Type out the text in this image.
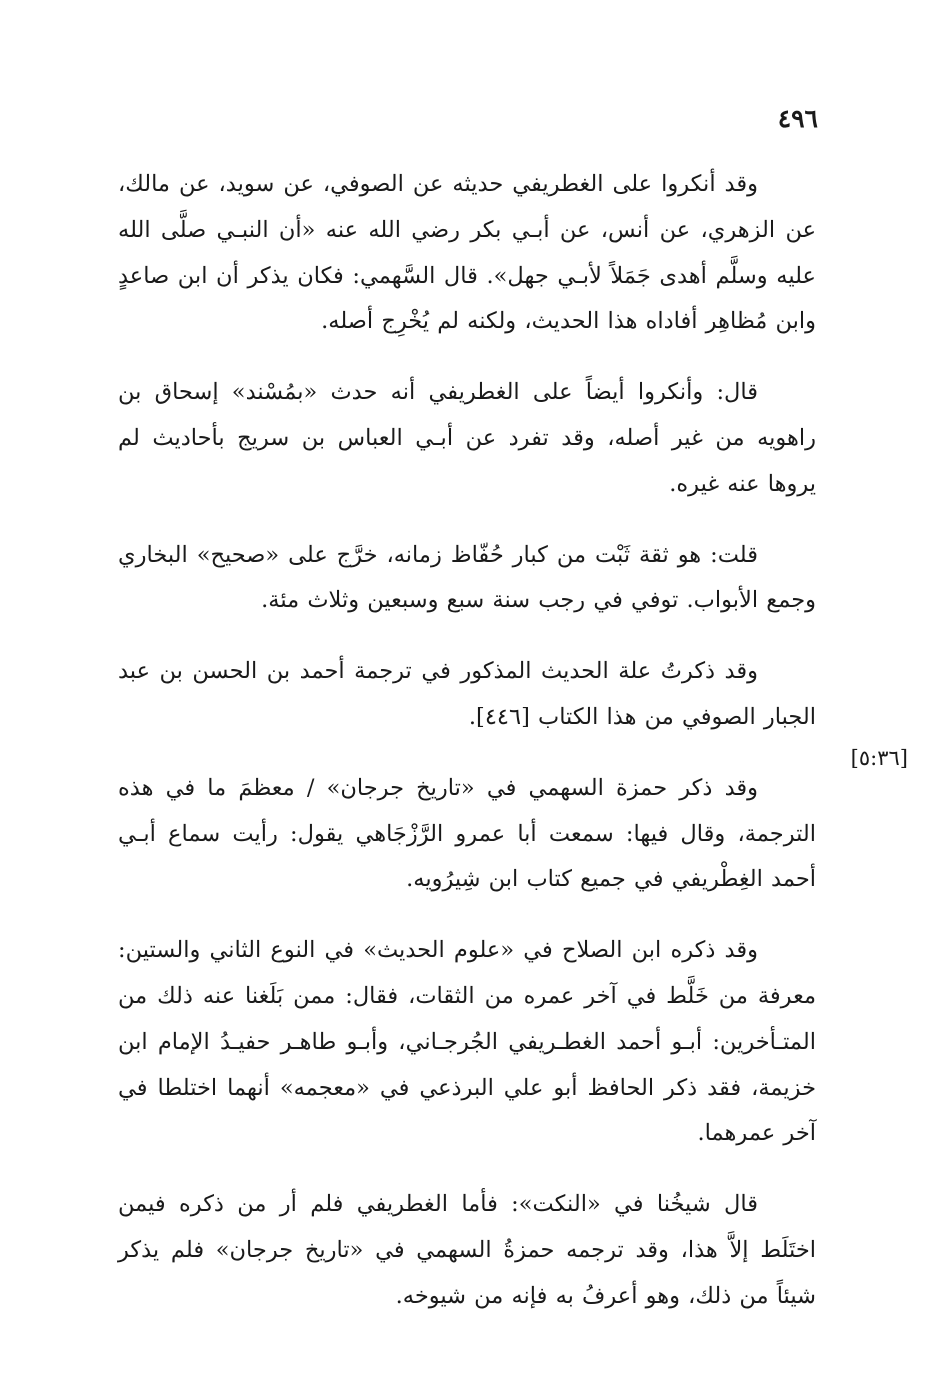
٤٩٦
[٥:٣٦]

وقد أنكروا على الغطريفي حديثه عن الصوفي، عن سويد، عن مالك، عن الزهري، عن أنس، عن أبـي بكر رضي الله عنه «أن النبـي صلَّى الله عليه وسلَّم أهدى جَمَلاً لأبـي جهل». قال السَّهمي: فكان يذكر أن ابن صاعدٍ وابن مُظاهِر أفاداه هذا الحديث، ولكنه لم يُخْرِج أصله.

قال: وأنكروا أيضاً على الغطريفي أنه حدث «بمُسْند» إسحاق بن راهويه من غير أصله، وقد تفرد عن أبـي العباس بن سريج بأحاديث لم يروها عنه غيره.

قلت: هو ثقة ثَبْت من كبار حُفّاظ زمانه، خرَّج على «صحيح» البخاري وجمع الأبواب. توفي في رجب سنة سبع وسبعين وثلاث مئة.

وقد ذكرتُ علة الحديث المذكور في ترجمة أحمد بن الحسن بن عبد الجبار الصوفي من هذا الكتاب [٤٤٦].

وقد ذكر حمزة السهمي في «تاريخ جرجان» / معظمَ ما في هذه الترجمة، وقال فيها: سمعت أبا عمرو الرَّزْجَاهي يقول: رأيت سماع أبـي أحمد الغِطْريفي في جميع كتاب ابن شِيرُويه.

وقد ذكره ابن الصلاح في «علوم الحديث» في النوع الثاني والستين: معرفة من خَلَّط في آخر عمره من الثقات، فقال: ممن بَلَغنا عنه ذلك من المتـأخرين: أبـو أحمد الغطـريفي الجُرجـاني، وأبـو طاهـر حفيـدُ الإمام ابن خزيمة، فقد ذكر الحافظ أبو علي البرذعي في «معجمه» أنهما اختلطا في آخر عمرهما.

قال شيخُنا في «النكت»: فأما الغطريفي فلم أر من ذكره فيمن اختَلَط إلاَّ هذا، وقد ترجمه حمزةُ السهمي في «تاريخ جرجان» فلم يذكر شيئاً من ذلك، وهو أعرفُ به فإنه من شيوخه.
